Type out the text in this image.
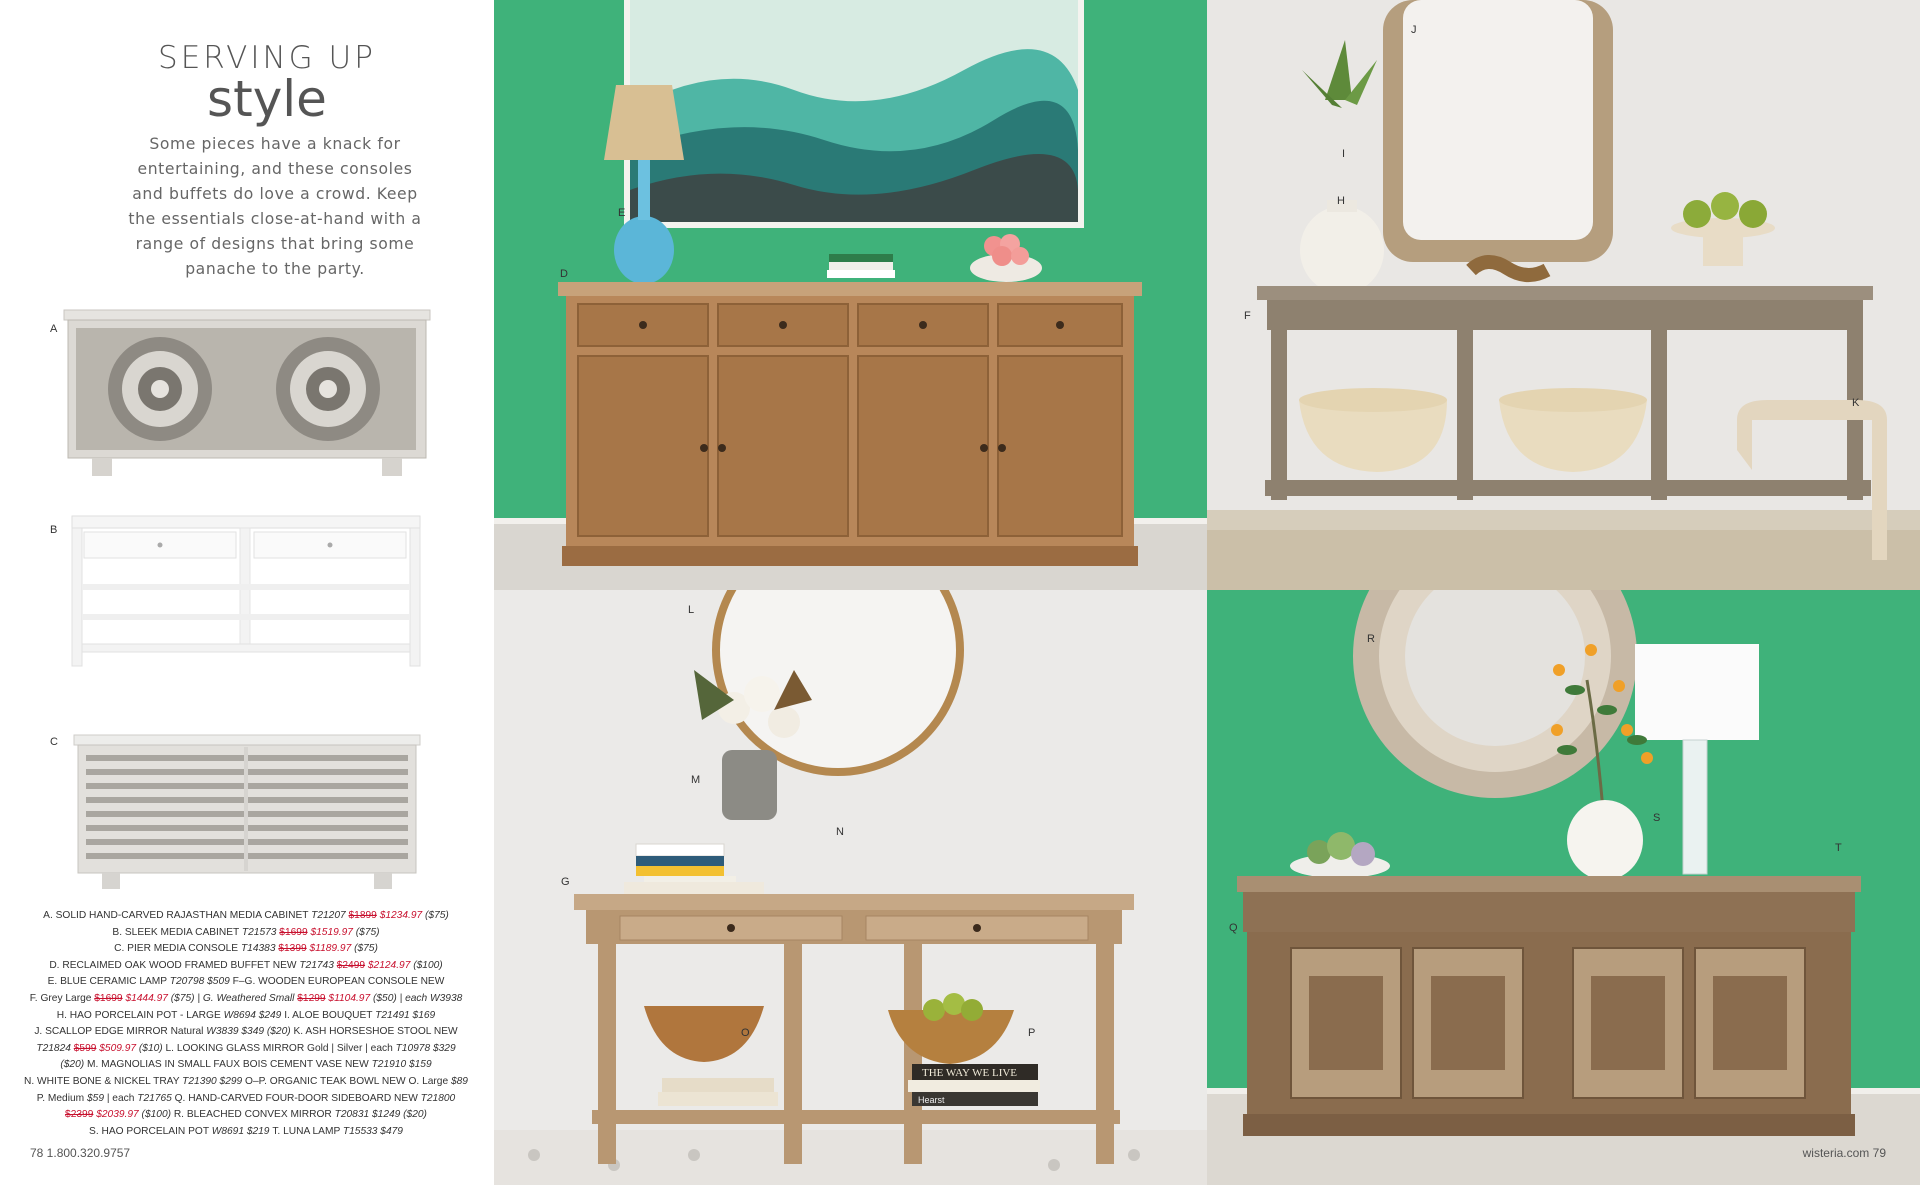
SERVING UP
style
Some pieces have a knack for
entertaining, and these consoles
and buffets do love a crowd. Keep
the essentials close-at-hand with a
range of designs that bring some
panache to the party.
A
B
C

A. SOLID HAND-CARVED RAJASTHAN MEDIA CABINET T21207 $1899 $1234.97 ($75)

B. SLEEK MEDIA CABINET T21573 $1699 $1519.97 ($75)

C. PIER MEDIA CONSOLE T14383 $1399 $1189.97 ($75)

D. RECLAIMED OAK WOOD FRAMED BUFFET NEW T21743 $2499 $2124.97 ($100)

E. BLUE CERAMIC LAMP T20798 $509 F–G. WOODEN EUROPEAN CONSOLE NEW

F. Grey Large $1699 $1444.97 ($75) | G. Weathered Small $1299 $1104.97 ($50) | each W3938

H. HAO PORCELAIN POT - LARGE W8694 $249 I. ALOE BOUQUET T21491 $169

J. SCALLOP EDGE MIRROR Natural W3839 $349 ($20) K. ASH HORSESHOE STOOL NEW

T21824 $599 $509.97 ($10) L. LOOKING GLASS MIRROR Gold | Silver | each T10978 $329

($20) M. MAGNOLIAS IN SMALL FAUX BOIS CEMENT VASE NEW T21910 $159

N. WHITE BONE & NICKEL TRAY T21390 $299 O–P. ORGANIC TEAK BOWL NEW O. Large $89

P. Medium $59 | each T21765 Q. HAND-CARVED FOUR-DOOR SIDEBOARD NEW T21800

$2399 $2039.97 ($100) R. BLEACHED CONVEX MIRROR T20831 $1249 ($20)

S. HAO PORCELAIN POT W8691 $219 T. LUNA LAMP T15533 $479

78 1.800.320.9757
D
E
F
H
I
J
K
THE WAY WE LIVE
Hearst
L
M
N
G
O	P
R
Q
S
T
wisteria.com 79
